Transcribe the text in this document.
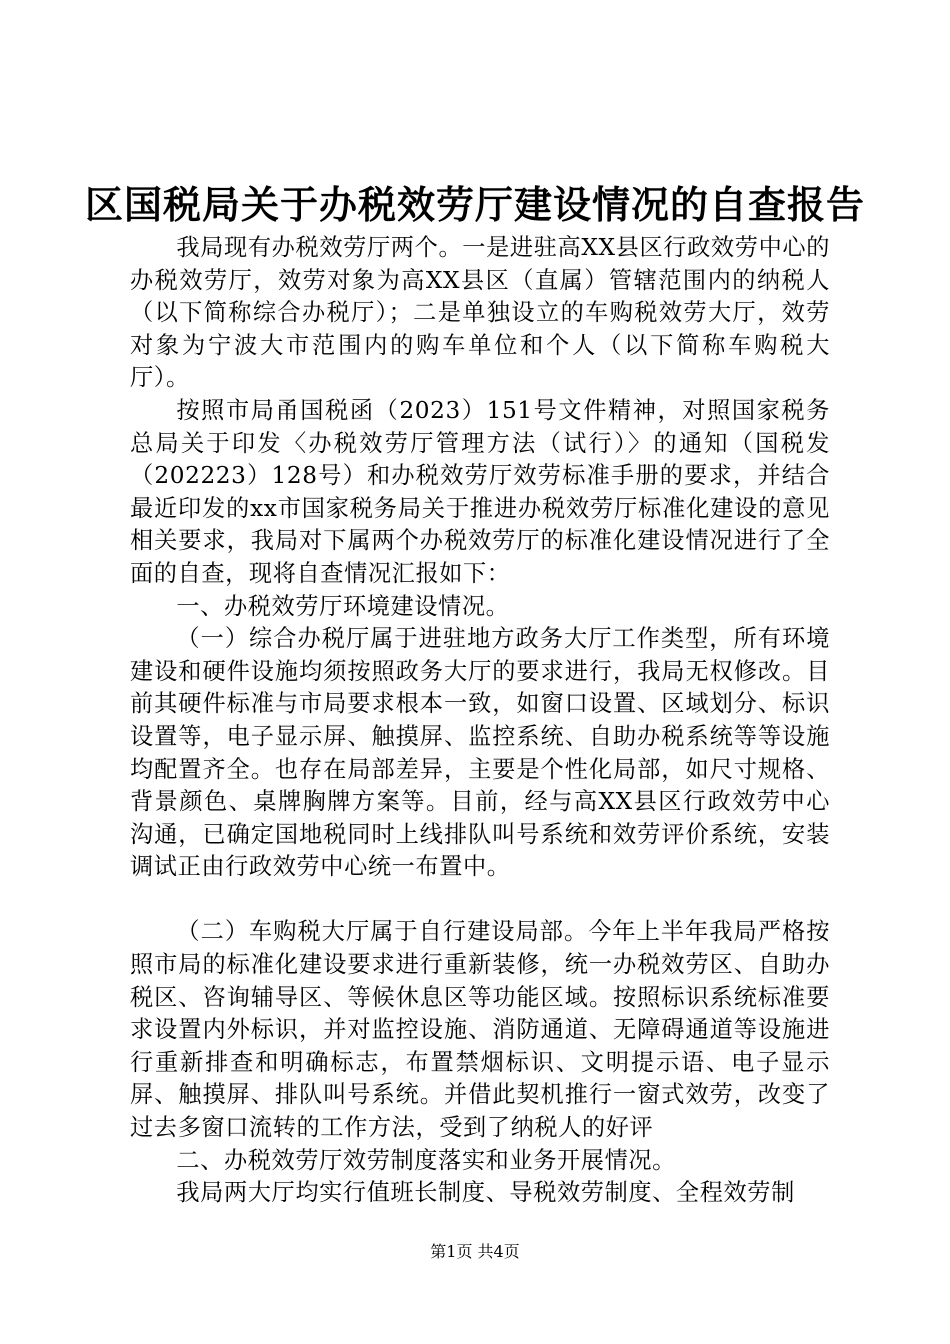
区国税局关于办税效劳厅建设情况的自查报告

我局现有办税效劳厅两个。一是进驻高XX县区行政效劳中心的办税效劳厅，效劳对象为高XX县区（直属）管辖范围内的纳税人（以下简称综合办税厅）；二是单独设立的车购税效劳大厅，效劳对象为宁波大市范围内的购车单位和个人（以下简称车购税大厅）。

按照市局甬国税函（2023）151号文件精神，对照国家税务总局关于印发〈办税效劳厅管理方法（试行）〉的通知（国税发（202223）128号）和办税效劳厅效劳标准手册的要求，并结合最近印发的xx市国家税务局关于推进办税效劳厅标准化建设的意见相关要求，我局对下属两个办税效劳厅的标准化建设情况进行了全面的自查，现将自查情况汇报如下：

一、办税效劳厅环境建设情况。

（一）综合办税厅属于进驻地方政务大厅工作类型，所有环境建设和硬件设施均须按照政务大厅的要求进行，我局无权修改。目前其硬件标准与市局要求根本一致，如窗口设置、区域划分、标识设置等，电子显示屏、触摸屏、监控系统、自助办税系统等等设施均配置齐全。也存在局部差异，主要是个性化局部，如尺寸规格、背景颜色、桌牌胸牌方案等。目前，经与高XX县区行政效劳中心沟通，已确定国地税同时上线排队叫号系统和效劳评价系统，安装调试正由行政效劳中心统一布置中。

（二）车购税大厅属于自行建设局部。今年上半年我局严格按照市局的标准化建设要求进行重新装修，统一办税效劳区、自助办税区、咨询辅导区、等候休息区等功能区域。按照标识系统标准要求设置内外标识，并对监控设施、消防通道、无障碍通道等设施进行重新排查和明确标志，布置禁烟标识、文明提示语、电子显示屏、触摸屏、排队叫号系统。并借此契机推行一窗式效劳，改变了过去多窗口流转的工作方法，受到了纳税人的好评

二、办税效劳厅效劳制度落实和业务开展情况。

我局两大厅均实行值班长制度、导税效劳制度、全程效劳制

第1页 共4页
